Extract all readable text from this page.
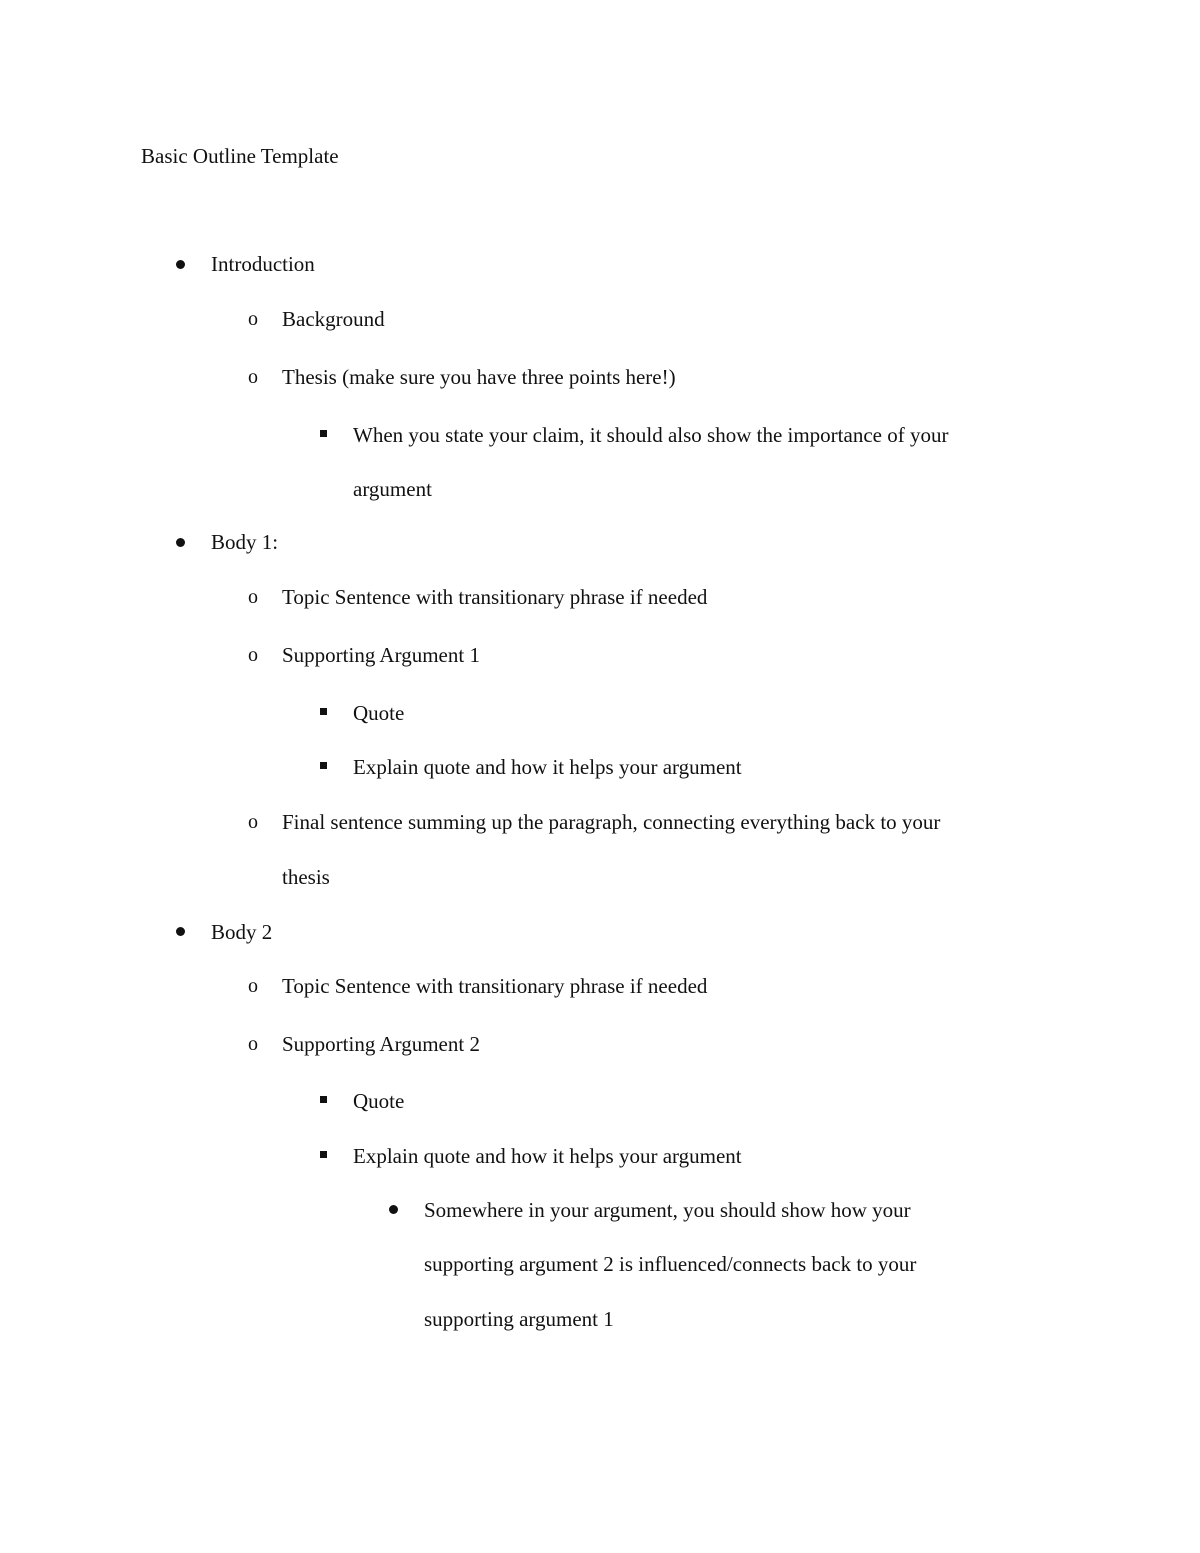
Basic Outline Template
Introduction
o Background
o Thesis (make sure you have three points here!)
When you state your claim, it should also show the importance of your
argument
Body 1:
o Topic Sentence with transitionary phrase if needed
o Supporting Argument 1
Quote
Explain quote and how it helps your argument
o Final sentence summing up the paragraph, connecting everything back to your
thesis
Body 2
o Topic Sentence with transitionary phrase if needed
o Supporting Argument 2
Quote
Explain quote and how it helps your argument
Somewhere in your argument, you should show how your
supporting argument 2 is influenced/connects back to your
supporting argument 1
